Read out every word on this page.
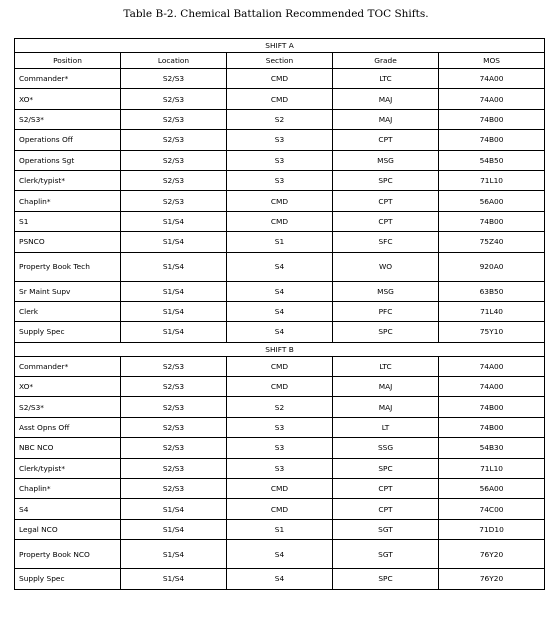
Table B-2. Chemical Battalion Recommended TOC Shifts.
SHIFT A				
Position	Location	Section	Grade	MOS
Commander*	S2/S3	CMD	LTC	74A00
XO*	S2/S3	CMD	MAJ	74A00
S2/S3*	S2/S3	S2	MAJ	74B00
Operations Off	S2/S3	S3	CPT	74B00
Operations Sgt	S2/S3	S3	MSG	54B50
Clerk/typist*	S2/S3	S3	SPC	71L10
Chaplin*	S2/S3	CMD	CPT	56A00
S1	S1/S4	CMD	CPT	74B00
PSNCO	S1/S4	S1	SFC	75Z40
Property Book Tech	S1/S4	S4	WO	920A0
Sr Maint Supv	S1/S4	S4	MSG	63B50
Clerk	S1/S4	S4	PFC	71L40
Supply Spec	S1/S4	S4	SPC	75Y10
SHIFT B				
Commander*	S2/S3	CMD	LTC	74A00
XO*	S2/S3	CMD	MAJ	74A00
S2/S3*	S2/S3	S2	MAJ	74B00
Asst Opns Off	S2/S3	S3	LT	74B00
NBC NCO	S2/S3	S3	SSG	54B30
Clerk/typist*	S2/S3	S3	SPC	71L10
Chaplin*	S2/S3	CMD	CPT	56A00
S4	S1/S4	CMD	CPT	74C00
Legal NCO	S1/S4	S1	SGT	71D10
Property Book NCO	S1/S4	S4	SGT	76Y20
Supply Spec	S1/S4	S4	SPC	76Y20
